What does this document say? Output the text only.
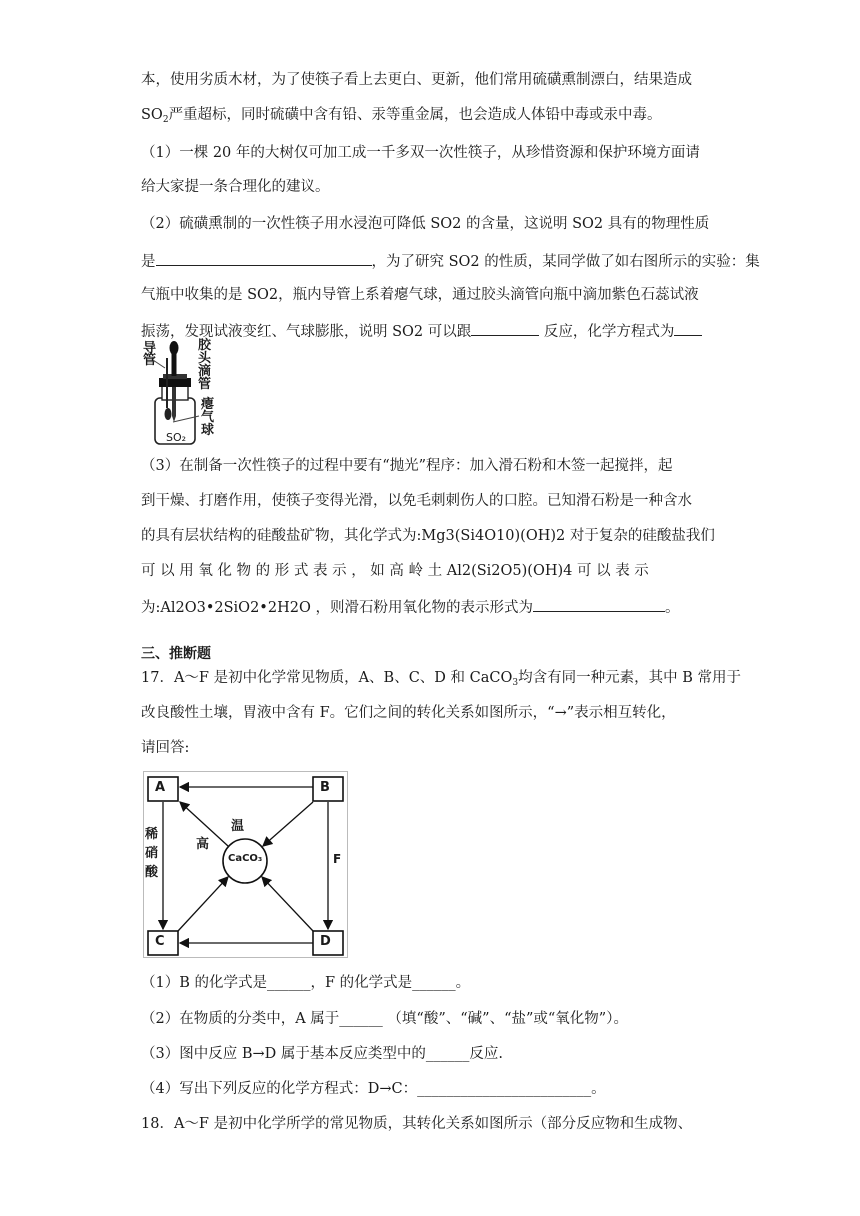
本，使用劣质木材，为了使筷子看上去更白、更新，他们常用硫磺熏制漂白，结果造成
$SO_2$严重超标，同时硫磺中含有铅、汞等重金属，也会造成人体铅中毒或汞中毒。
（1）一棵 20 年的大树仅可加工成一千多双一次性筷子，从珍惜资源和保护环境方面请
给大家提一条合理化的建议。
（2）硫磺熏制的一次性筷子用水浸泡可降低 SO2 的含量，这说明 SO2 具有的物理性质
是	，为了研究 SO2 的性质，某同学做了如右图所示的实验：集
气瓶中收集的是 SO2，瓶内导管上系着瘪气球，通过胶头滴管向瓶中滴加紫色石蕊试液
振荡，发现试液变红、气球膨胀，说明 SO2 可以跟	反应，化学方程式为
导
管
胶
头
滴
管
瘪
气
球
SO₂
（3）在制备一次性筷子的过程中要有“抛光”程序：加入滑石粉和木签一起搅拌，起
到干燥、打磨作用，使筷子变得光滑，以免毛刺刺伤人的口腔。已知滑石粉是一种含水
的具有层状结构的硅酸盐矿物，其化学式为:Mg3(Si4O10)(OH)2 对于复杂的硅酸盐我们
可 以 用 氧 化 物 的 形 式 表 示 ， 如 高 岭 土 Al2(Si2O5)(OH)4 可 以 表 示
为:Al2O3•2SiO2•2H2O ，则滑石粉用氧化物的表示形式为	。
三、推断题
17．A～F 是初中化学常见物质，A、B、C、D 和 CaCO$_3$均含有同一种元素，其中 B 常用于
改良酸性土壤，胃液中含有 F。它们之间的转化关系如图所示，“→”表示相互转化，
请回答:
A	B
C	D
CaCO₃
高
温
稀
硝
酸
F
（1）B 的化学式是______，F 的化学式是______。
（2）在物质的分类中，A 属于______ （填“酸”、“碱”、“盐”或“氧化物”）。
（3）图中反应 B→D 属于基本反应类型中的______反应.
（4）写出下列反应的化学方程式：D→C：________________________。
18．A～F 是初中化学所学的常见物质，其转化关系如图所示（部分反应物和生成物、
